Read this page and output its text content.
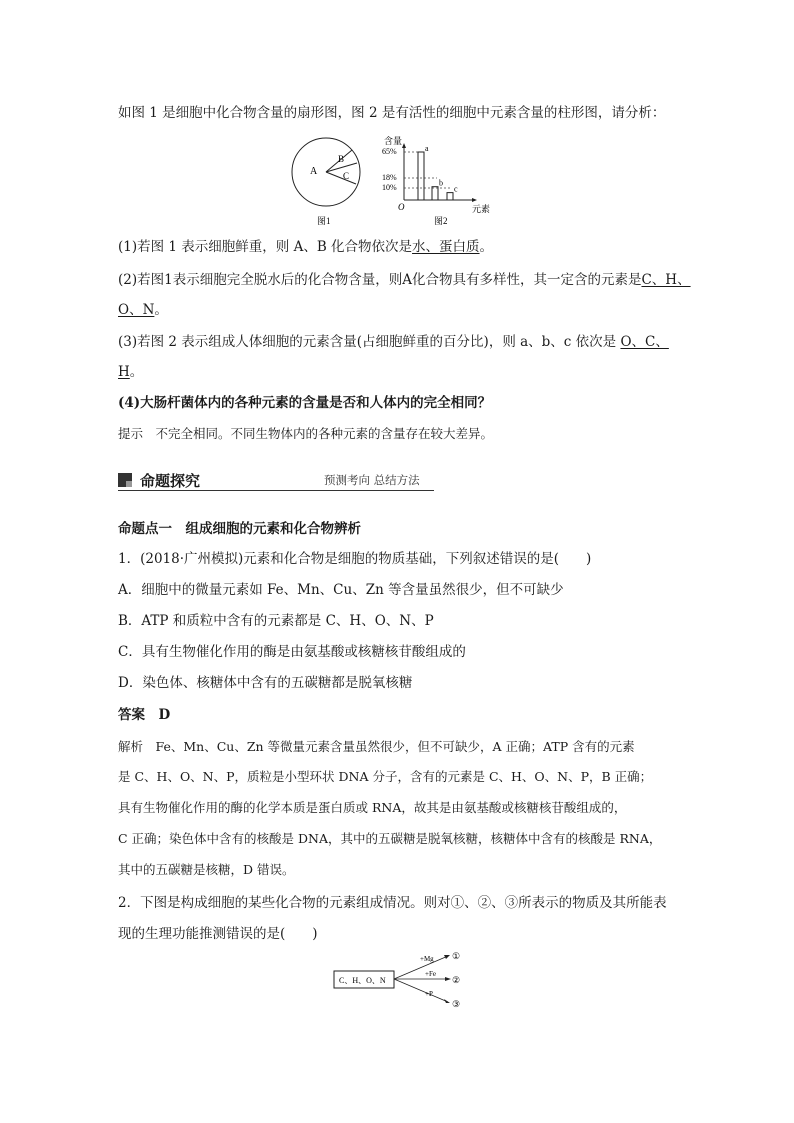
如图 1 是细胞中化合物含量的扇形图，图 2 是有活性的细胞中元素含量的柱形图，请分析：
A
B
C
图1
含量
65%
18%
10%
a
b
c
O	元素
图2
(1)若图 1 表示细胞鲜重，则 A、B 化合物依次是水、蛋白质。
(2)若图1表示细胞完全脱水后的化合物含量，则A化合物具有多样性，其一定含的元素是C、H、
O、N。
(3)若图 2 表示组成人体细胞的元素含量(占细胞鲜重的百分比)，则 a、b、c 依次是 O、C、
H。
(4)大肠杆菌体内的各种元素的含量是否和人体内的完全相同？
提示　不完全相同。不同生物体内的各种元素的含量存在较大差异。
命题探究	预测考向 总结方法
命题点一　组成细胞的元素和化合物辨析
1．(2018·广州模拟)元素和化合物是细胞的物质基础，下列叙述错误的是(　　)
A．细胞中的微量元素如 Fe、Mn、Cu、Zn 等含量虽然很少，但不可缺少
B．ATP 和质粒中含有的元素都是 C、H、O、N、P
C．具有生物催化作用的酶是由氨基酸或核糖核苷酸组成的
D．染色体、核糖体中含有的五碳糖都是脱氧核糖
答案　D
解析　Fe、Mn、Cu、Zn 等微量元素含量虽然很少，但不可缺少，A 正确；ATP 含有的元素
是 C、H、O、N、P，质粒是小型环状 DNA 分子，含有的元素是 C、H、O、N、P，B 正确；
具有生物催化作用的酶的化学本质是蛋白质或 RNA，故其是由氨基酸或核糖核苷酸组成的，
C 正确；染色体中含有的核酸是 DNA，其中的五碳糖是脱氧核糖，核糖体中含有的核酸是 RNA，
其中的五碳糖是核糖，D 错误。
2．下图是构成细胞的某些化合物的元素组成情况。则对①、②、③所表示的物质及其所能表
现的生理功能推测错误的是(　　)
C、H、O、N
+Mg
+Fe
+P
①
②
③
